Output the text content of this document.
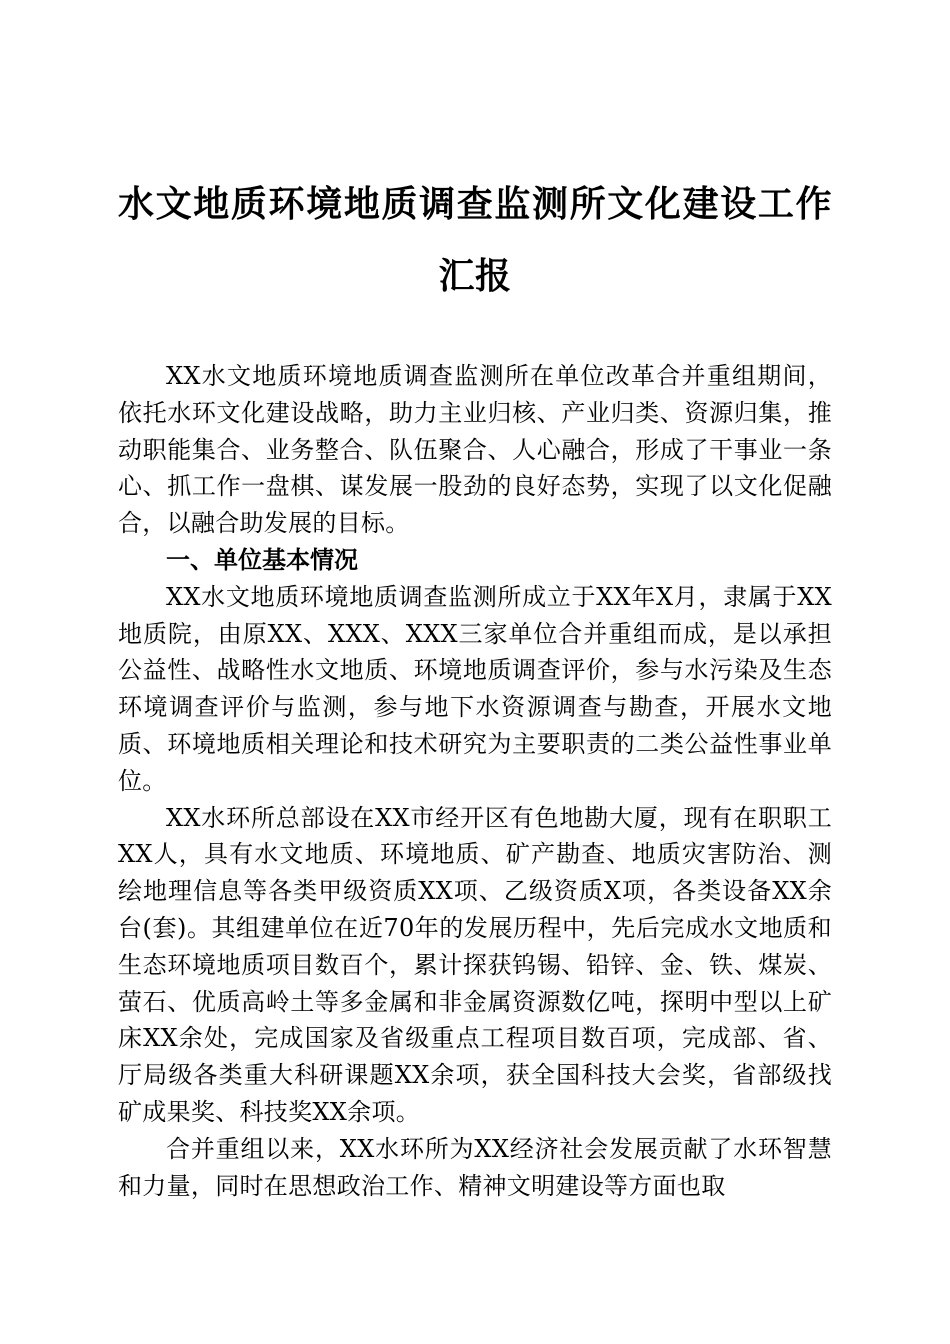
水文地质环境地质调查监测所文化建设工作汇报

XX水文地质环境地质调查监测所在单位改革合并重组期间，依托水环文化建设战略，助力主业归核、产业归类、资源归集，推动职能集合、业务整合、队伍聚合、人心融合，形成了干事业一条心、抓工作一盘棋、谋发展一股劲的良好态势，实现了以文化促融合，以融合助发展的目标。

一、单位基本情况

XX水文地质环境地质调查监测所成立于XX年X月，隶属于XX地质院，由原XX、XXX、XXX三家单位合并重组而成，是以承担公益性、战略性水文地质、环境地质调查评价，参与水污染及生态环境调查评价与监测，参与地下水资源调查与勘查，开展水文地质、环境地质相关理论和技术研究为主要职责的二类公益性事业单位。

XX水环所总部设在XX市经开区有色地勘大厦，现有在职职工XX人，具有水文地质、环境地质、矿产勘查、地质灾害防治、测绘地理信息等各类甲级资质XX项、乙级资质X项，各类设备XX余台(套)。其组建单位在近70年的发展历程中，先后完成水文地质和生态环境地质项目数百个，累计探获钨锡、铅锌、金、铁、煤炭、萤石、优质高岭土等多金属和非金属资源数亿吨，探明中型以上矿床XX余处，完成国家及省级重点工程项目数百项，完成部、省、厅局级各类重大科研课题XX余项，获全国科技大会奖，省部级找矿成果奖、科技奖XX余项。

合并重组以来，XX水环所为XX经济社会发展贡献了水环智慧和力量，同时在思想政治工作、精神文明建设等方面也取
